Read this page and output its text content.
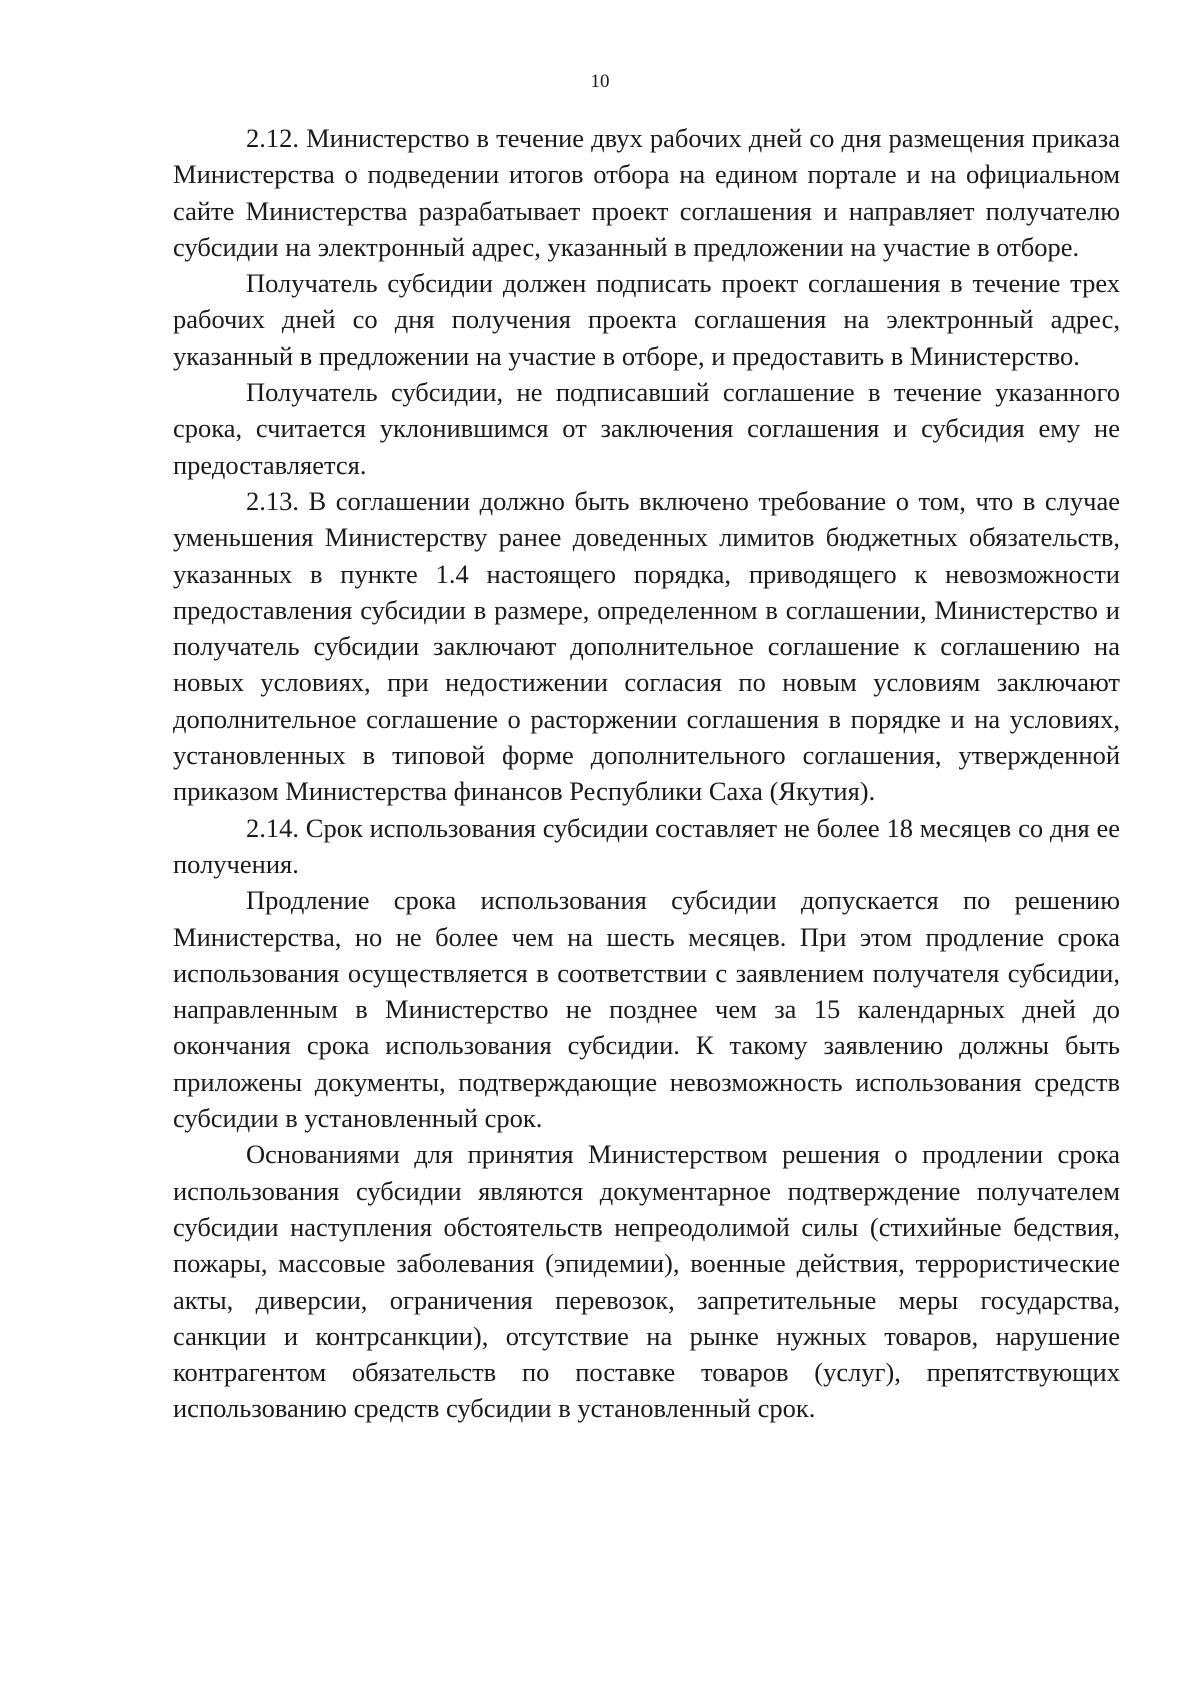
10

2.12. Министерство в течение двух рабочих дней со дня размещения приказа Министерства о подведении итогов отбора на едином портале и на официальном сайте Министерства разрабатывает проект соглашения и направляет получателю субсидии на электронный адрес, указанный в предложении на участие в отборе.

Получатель субсидии должен подписать проект соглашения в течение трех рабочих дней со дня получения проекта соглашения на электронный адрес, указанный в предложении на участие в отборе, и предоставить в Министерство.

Получатель субсидии, не подписавший соглашение в течение указанного срока, считается уклонившимся от заключения соглашения и субсидия ему не предоставляется.

2.13. В соглашении должно быть включено требование о том, что в случае уменьшения Министерству ранее доведенных лимитов бюджетных обязательств, указанных в пункте 1.4 настоящего порядка, приводящего к невозможности предоставления субсидии в размере, определенном в соглашении, Министерство и получатель субсидии заключают дополнительное соглашение к соглашению на новых условиях, при недостижении согласия по новым условиям заключают дополнительное соглашение о расторжении соглашения в порядке и на условиях, установленных в типовой форме дополнительного соглашения, утвержденной приказом Министерства финансов Республики Саха (Якутия).

2.14. Срок использования субсидии составляет не более 18 месяцев со дня ее получения.

Продление срока использования субсидии допускается по решению Министерства, но не более чем на шесть месяцев. При этом продление срока использования осуществляется в соответствии с заявлением получателя субсидии, направленным в Министерство не позднее чем за 15 календарных дней до окончания срока использования субсидии. К такому заявлению должны быть приложены документы, подтверждающие невозможность использования средств субсидии в установленный срок.

Основаниями для принятия Министерством решения о продлении срока использования субсидии являются документарное подтверждение получателем субсидии наступления обстоятельств непреодолимой силы (стихийные бедствия, пожары, массовые заболевания (эпидемии), военные действия, террористические акты, диверсии, ограничения перевозок, запретительные меры государства, санкции и контрсанкции), отсутствие на рынке нужных товаров, нарушение контрагентом обязательств по поставке товаров (услуг), препятствующих использованию средств субсидии в установленный срок.
